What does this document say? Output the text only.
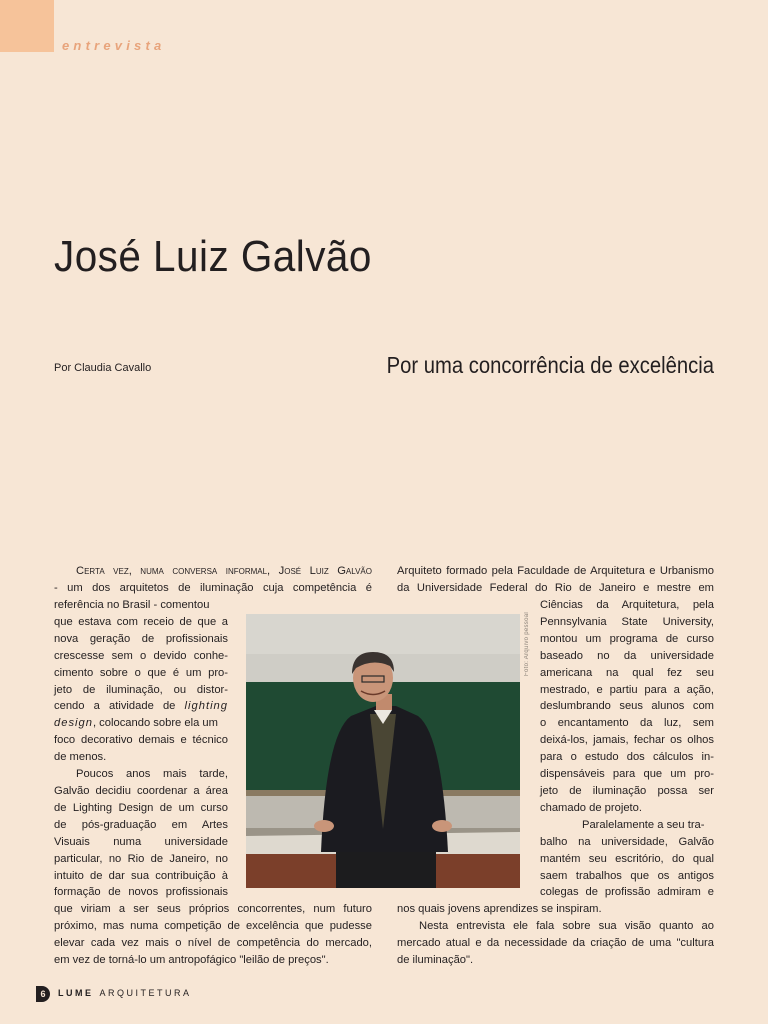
entrevista
José Luiz Galvão
Por Claudia Cavallo	Por uma concorrência de excelência
Certa vez, numa conversa informal, José Luiz Galvão
- um dos arquitetos de iluminação cuja competência é
referência no Brasil - comentou
que estava com receio de que a
nova geração de profissionais
crescesse sem o devido conhe-
cimento sobre o que é um pro-
jeto de iluminação, ou distor-
cendo a atividade de lighting
design, colocando sobre ela um
foco decorativo demais e técnico
de menos.
Poucos anos mais tarde,
Galvão decidiu coordenar a área
de Lighting Design de um curso
de pós-graduação em Artes
Visuais numa universidade
particular, no Rio de Janeiro, no
intuito de dar sua contribuição à
formação de novos profissionais
que viriam a ser seus próprios concorrentes, num futuro
próximo, mas numa competição de excelência que pudesse
elevar cada vez mais o nível de competência do mercado,
em vez de torná-lo um antropofágico "leilão de preços".
Arquiteto formado pela Faculdade de Arquitetura e Urbanismo
da Universidade Federal do Rio de Janeiro e mestre em
Ciências da Arquitetura, pela
Pennsylvania State University,
montou um programa de curso
baseado no da universidade
americana na qual fez seu
mestrado, e partiu para a ação,
deslumbrando seus alunos com
o encantamento da luz, sem
deixá-los, jamais, fechar os olhos
para o estudo dos cálculos in-
dispensáveis para que um pro-
jeto de iluminação possa ser
chamado de projeto.
Paralelamente a seu tra-
balho na universidade, Galvão
mantém seu escritório, do qual
saem trabalhos que os antigos
colegas de profissão admiram e
nos quais jovens aprendizes se inspiram.
Nesta entrevista ele fala sobre sua visão quanto ao
mercado atual e da necessidade da criação de uma "cultura
de iluminação".
Foto: Arquivo pessoal
6	LUME ARQUITETURA
